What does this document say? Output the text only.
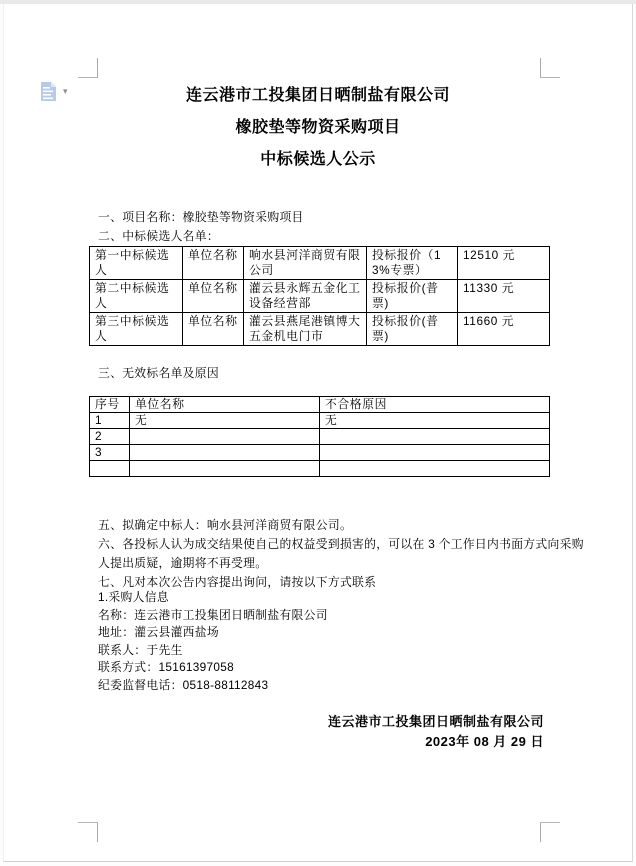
▾	连云港市工投集团日晒制盐有限公司
橡胶垫等物资采购项目
中标候选人公示
一、项目名称：橡胶垫等物资采购项目
二、中标候选人名单：
第一中标候选人	单位名称	响水县河洋商贸有限公司	投标报价（13%专票）	12510 元
第二中标候选人	单位名称	灌云县永辉五金化工设备经营部	投标报价(普票)	11330 元
第三中标候选人	单位名称	灌云县燕尾港镇博大五金机电门市	投标报价(普票)	11660 元
三、无效标名单及原因
序号	单位名称	不合格原因
1	无	无
2		
3		

五、拟确定中标人：响水县河洋商贸有限公司。
六、各投标人认为成交结果使自己的权益受到损害的，可以在 3 个工作日内书面方式向采购
人提出质疑，逾期将不再受理。
七、凡对本次公告内容提出询问，请按以下方式联系
1.采购人信息
名称：连云港市工投集团日晒制盐有限公司
地址：灌云县灌西盐场
联系人：于先生
联系方式：15161397058
纪委监督电话：0518-88112843
连云港市工投集团日晒制盐有限公司
2023年 08 月 29 日
